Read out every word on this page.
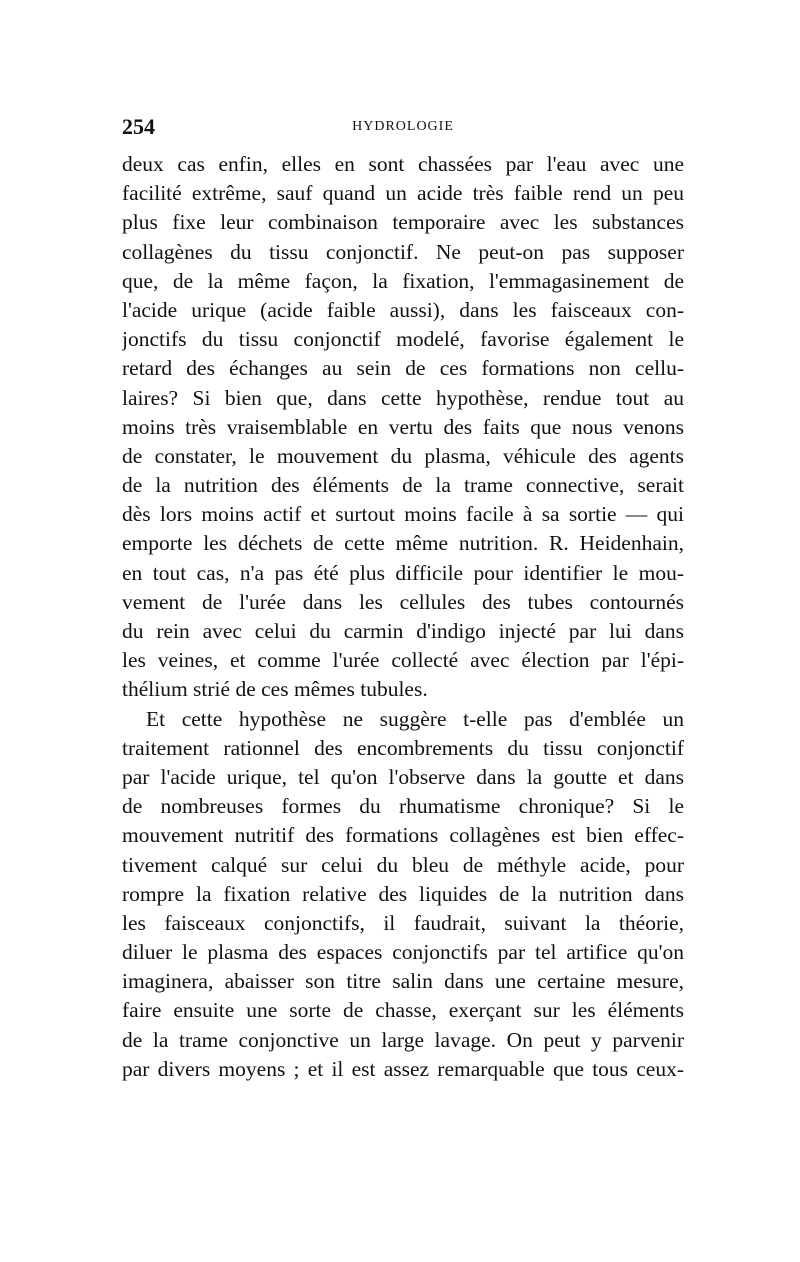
254	HYDROLOGIE
deux cas enfin, elles en sont chassées par l'eau avec une
facilité extrême, sauf quand un acide très faible rend un peu
plus fixe leur combinaison temporaire avec les substances
collagènes du tissu conjonctif. Ne peut-on pas supposer
que, de la même façon, la fixation, l'emmagasinement de
l'acide urique (acide faible aussi), dans les faisceaux con-
jonctifs du tissu conjonctif modelé, favorise également le
retard des échanges au sein de ces formations non cellu-
laires? Si bien que, dans cette hypothèse, rendue tout au
moins très vraisemblable en vertu des faits que nous venons
de constater, le mouvement du plasma, véhicule des agents
de la nutrition des éléments de la trame connective, serait
dès lors moins actif et surtout moins facile à sa sortie — qui
emporte les déchets de cette même nutrition. R. Heidenhain,
en tout cas, n'a pas été plus difficile pour identifier le mou-
vement de l'urée dans les cellules des tubes contournés
du rein avec celui du carmin d'indigo injecté par lui dans
les veines, et comme l'urée collecté avec élection par l'épi-
thélium strié de ces mêmes tubules.
Et cette hypothèse ne suggère t-elle pas d'emblée un
traitement rationnel des encombrements du tissu conjonctif
par l'acide urique, tel qu'on l'observe dans la goutte et dans
de nombreuses formes du rhumatisme chronique? Si le
mouvement nutritif des formations collagènes est bien effec-
tivement calqué sur celui du bleu de méthyle acide, pour
rompre la fixation relative des liquides de la nutrition dans
les faisceaux conjonctifs, il faudrait, suivant la théorie,
diluer le plasma des espaces conjonctifs par tel artifice qu'on
imaginera, abaisser son titre salin dans une certaine mesure,
faire ensuite une sorte de chasse, exerçant sur les éléments
de la trame conjonctive un large lavage. On peut y parvenir
par divers moyens ; et il est assez remarquable que tous ceux-
